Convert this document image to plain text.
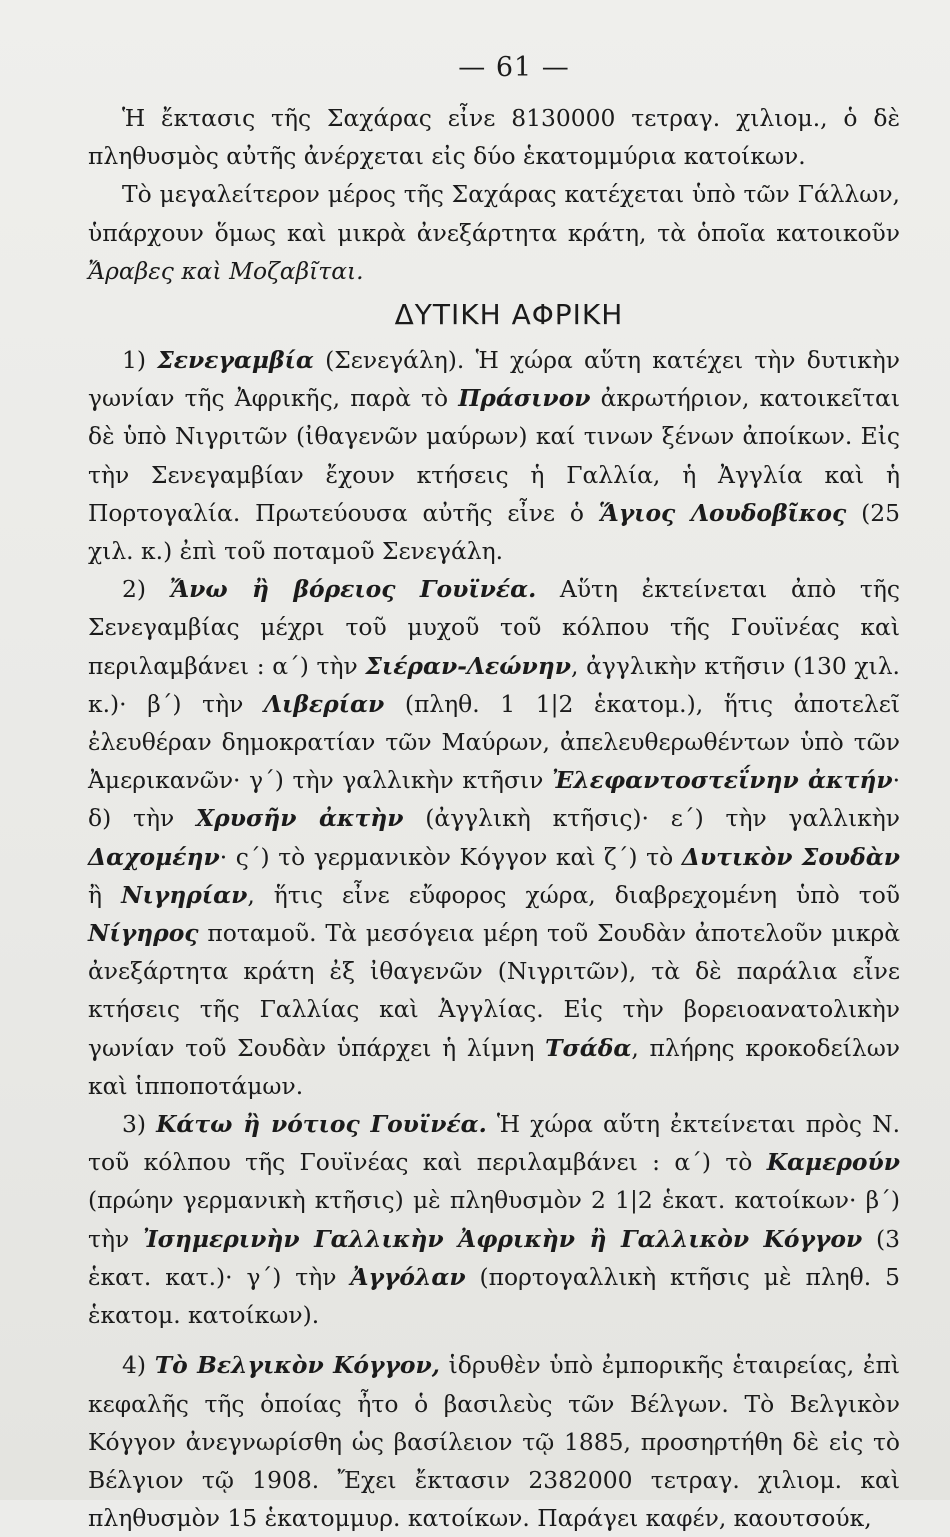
— 61 —

Ἡ ἔκτασις τῆς Σαχάρας εἶνε 8130000 τετραγ. χιλιομ., ὁ δὲ πληθυσμὸς αὐτῆς ἀνέρχεται εἰς δύο ἑκατομμύρια κατοίκων.

Τὸ μεγαλείτερον μέρος τῆς Σαχάρας κατέχεται ὑπὸ τῶν Γάλλων, ὑπάρχουν ὅμως καὶ μικρὰ ἀνεξάρτητα κράτη, τὰ ὁποῖα κατοικοῦν Ἄραβες καὶ Μοζαβῖται.

ΔΥΤΙΚΗ ΑΦΡΙΚΗ

1) Σενεγαμβία (Σενεγάλη). Ἡ χώρα αὕτη κατέχει τὴν δυτικὴν γωνίαν τῆς Ἀφρικῆς, παρὰ τὸ Πράσινον ἀκρωτήριον, κατοικεῖται δὲ ὑπὸ Νιγριτῶν (ἰθαγενῶν μαύρων) καί τινων ξένων ἀποίκων. Εἰς τὴν Σενεγαμβίαν ἔχουν κτήσεις ἡ Γαλλία, ἡ Ἀγγλία καὶ ἡ Πορτογαλία. Πρωτεύουσα αὐτῆς εἶνε ὁ Ἅγιος Λουδοβῖκος (25 χιλ. κ.) ἐπὶ τοῦ ποταμοῦ Σενεγάλη.

2) Ἄνω ἢ βόρειος Γουϊνέα. Αὕτη ἐκτείνεται ἀπὸ τῆς Σενεγαμβίας μέχρι τοῦ μυχοῦ τοῦ κόλπου τῆς Γουϊνέας καὶ περιλαμβάνει : α΄) τὴν Σιέραν-Λεώνην, ἀγγλικὴν κτῆσιν (130 χιλ. κ.)· β΄) τὴν Λιβερίαν (πληθ. 1 1|2 ἑκατομ.), ἥτις ἀποτελεῖ ἐλευθέραν δημοκρατίαν τῶν Μαύρων, ἀπελευθερωθέντων ὑπὸ τῶν Ἀμερικανῶν· γ΄) τὴν γαλλικὴν κτῆσιν Ἐλεφαντοστεΐνην ἀκτήν· δ) τὴν Χρυσῆν ἀκτὴν (ἀγγλικὴ κτῆσις)· ε΄) τὴν γαλλικὴν Δαχομέην· ς΄) τὸ γερμανικὸν Κόγγον καὶ ζ΄) τὸ Δυτικὸν Σουδὰν ἢ Νιγηρίαν, ἥτις εἶνε εὔφορος χώρα, διαβρεχομένη ὑπὸ τοῦ Νίγηρος ποταμοῦ. Τὰ μεσόγεια μέρη τοῦ Σουδὰν ἀποτελοῦν μικρὰ ἀνεξάρτητα κράτη ἐξ ἰθαγενῶν (Νιγριτῶν), τὰ δὲ παράλια εἶνε κτήσεις τῆς Γαλλίας καὶ Ἀγγλίας. Εἰς τὴν βορειοανατολικὴν γωνίαν τοῦ Σουδὰν ὑπάρχει ἡ λίμνη Τσάδα, πλήρης κροκοδείλων καὶ ἱπποποτάμων.

3) Κάτω ἢ νότιος Γουϊνέα. Ἡ χώρα αὕτη ἐκτείνεται πρὸς Ν. τοῦ κόλπου τῆς Γουϊνέας καὶ περιλαμβάνει : α΄) τὸ Καμερούν (πρώην γερμανικὴ κτῆσις) μὲ πληθυσμὸν 2 1|2 ἑκατ. κατοίκων· β΄) τὴν Ἰσημερινὴν Γαλλικὴν Ἀφρικὴν ἢ Γαλλικὸν Κόγγον (3 ἑκατ. κατ.)· γ΄) τὴν Ἀγγόλαν (πορτογαλλικὴ κτῆσις μὲ πληθ. 5 ἑκατομ. κατοίκων).

4) Τὸ Βελγικὸν Κόγγον, ἱδρυθὲν ὑπὸ ἐμπορικῆς ἑταιρείας, ἐπὶ κεφαλῆς τῆς ὁποίας ἦτο ὁ βασιλεὺς τῶν Βέλγων. Τὸ Βελγικὸν Κόγγον ἀνεγνωρίσθη ὡς βασίλειον τῷ 1885, προσηρτήθη δὲ εἰς τὸ Βέλγιον τῷ 1908. Ἔχει ἔκτασιν 2382000 τετραγ. χιλιομ. καὶ πληθυσμὸν 15 ἑκατομμυρ. κατοίκων. Παράγει καφέν, καουτσούκ,
